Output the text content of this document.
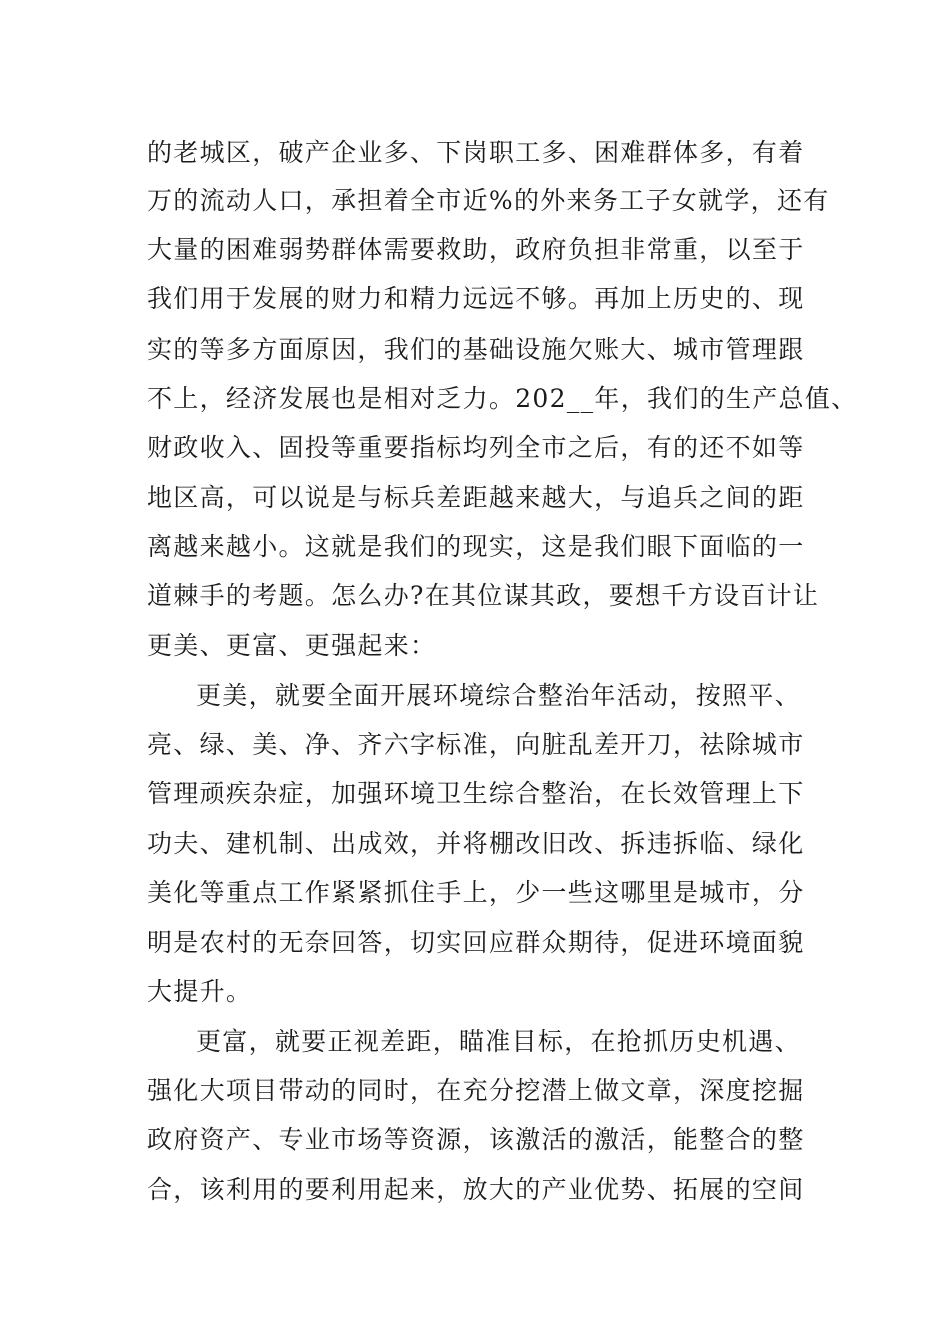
的老城区，破产企业多、下岗职工多、困难群体多，有着
万的流动人口，承担着全市近%的外来务工子女就学，还有
大量的困难弱势群体需要救助，政府负担非常重，以至于
我们用于发展的财力和精力远远不够。再加上历史的、现
实的等多方面原因，我们的基础设施欠账大、城市管理跟
不上，经济发展也是相对乏力。202__年，我们的生产总值、
财政收入、固投等重要指标均列全市之后，有的还不如等
地区高，可以说是与标兵差距越来越大，与追兵之间的距
离越来越小。这就是我们的现实，这是我们眼下面临的一
道棘手的考题。怎么办?在其位谋其政，要想千方设百计让
更美、更富、更强起来：
更美，就要全面开展环境综合整治年活动，按照平、
亮、绿、美、净、齐六字标准，向脏乱差开刀，祛除城市
管理顽疾杂症，加强环境卫生综合整治，在长效管理上下
功夫、建机制、出成效，并将棚改旧改、拆违拆临、绿化
美化等重点工作紧紧抓住手上，少一些这哪里是城市，分
明是农村的无奈回答，切实回应群众期待，促进环境面貌
大提升。
更富，就要正视差距，瞄准目标，在抢抓历史机遇、
强化大项目带动的同时，在充分挖潜上做文章，深度挖掘
政府资产、专业市场等资源，该激活的激活，能整合的整
合，该利用的要利用起来，放大的产业优势、拓展的空间
